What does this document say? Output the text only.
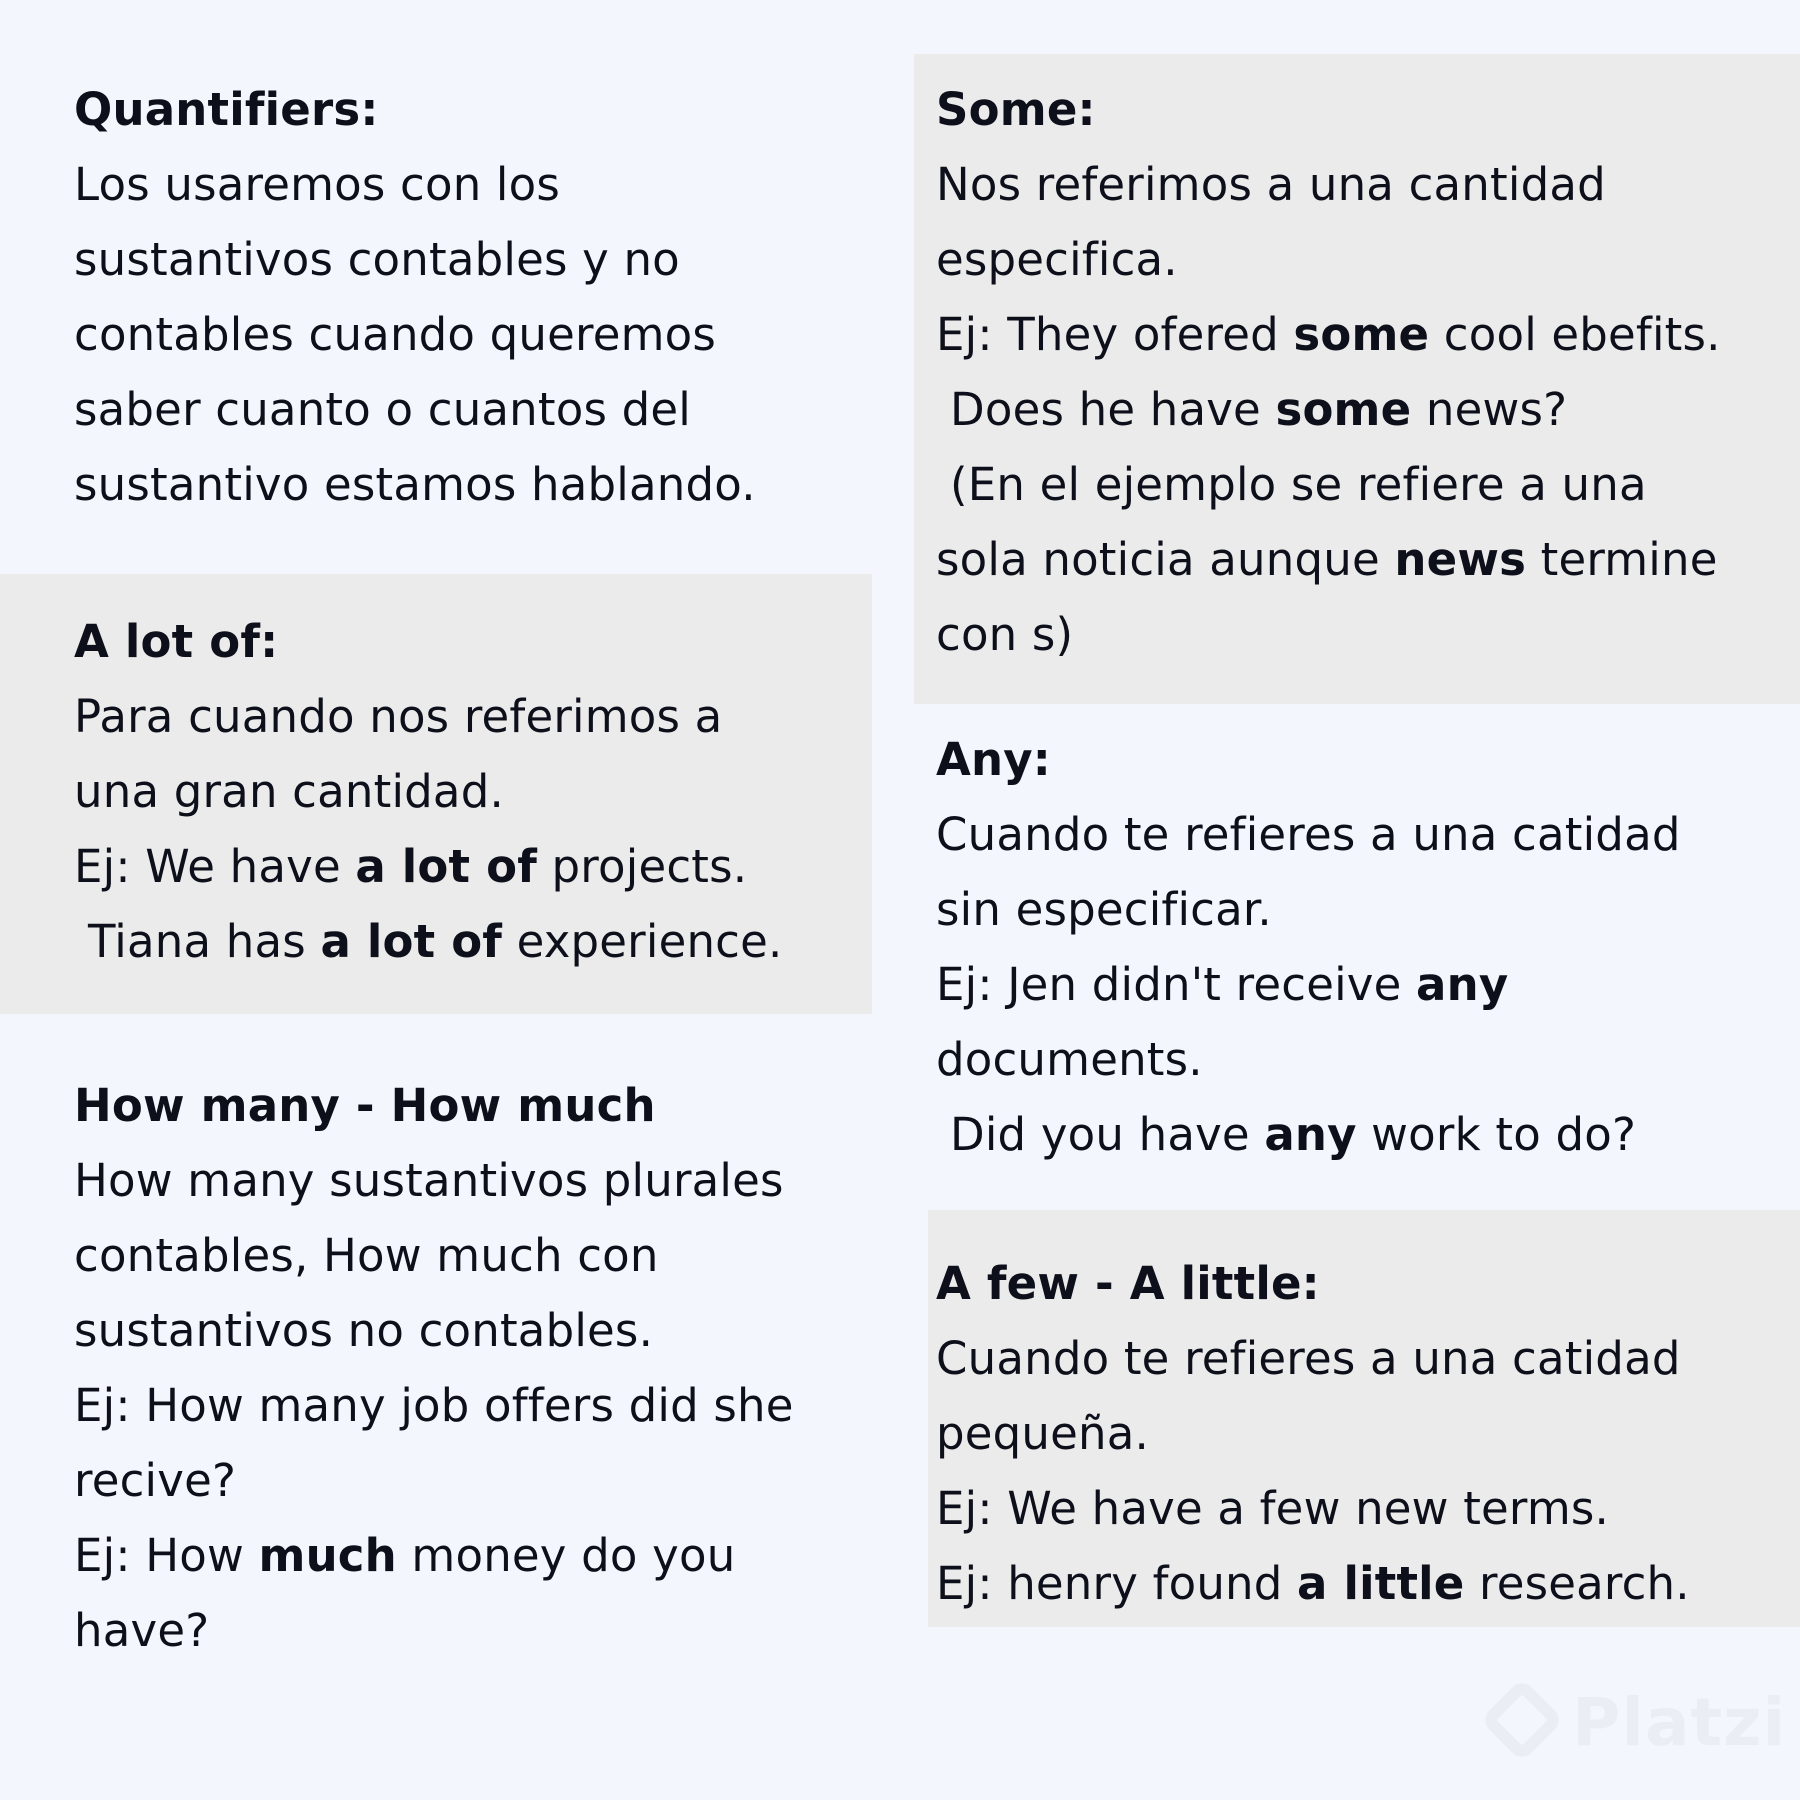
Quantifiers:
Los usaremos con los
sustantivos contables y no
contables cuando queremos
saber cuanto o cuantos del
sustantivo estamos hablando.
A lot of:
Para cuando nos referimos a
una gran cantidad.
Ej: We have a lot of projects.
Tiana has a lot of experience.
How many - How much
How many sustantivos plurales
contables, How much con
sustantivos no contables.
Ej: How many job offers did she
recive?
Ej: How much money do you
have?
Some:
Nos referimos a una cantidad
especifica.
Ej: They ofered some cool ebefits.
Does he have some news?
(En el ejemplo se refiere a una
sola noticia aunque news termine
con s)
Any:
Cuando te refieres a una catidad
sin especificar.
Ej: Jen didn't receive any
documents.
Did you have any work to do?
A few - A little:
Cuando te refieres a una catidad
pequeña.
Ej: We have a few new terms.
Ej: henry found a little research.
Platzi
